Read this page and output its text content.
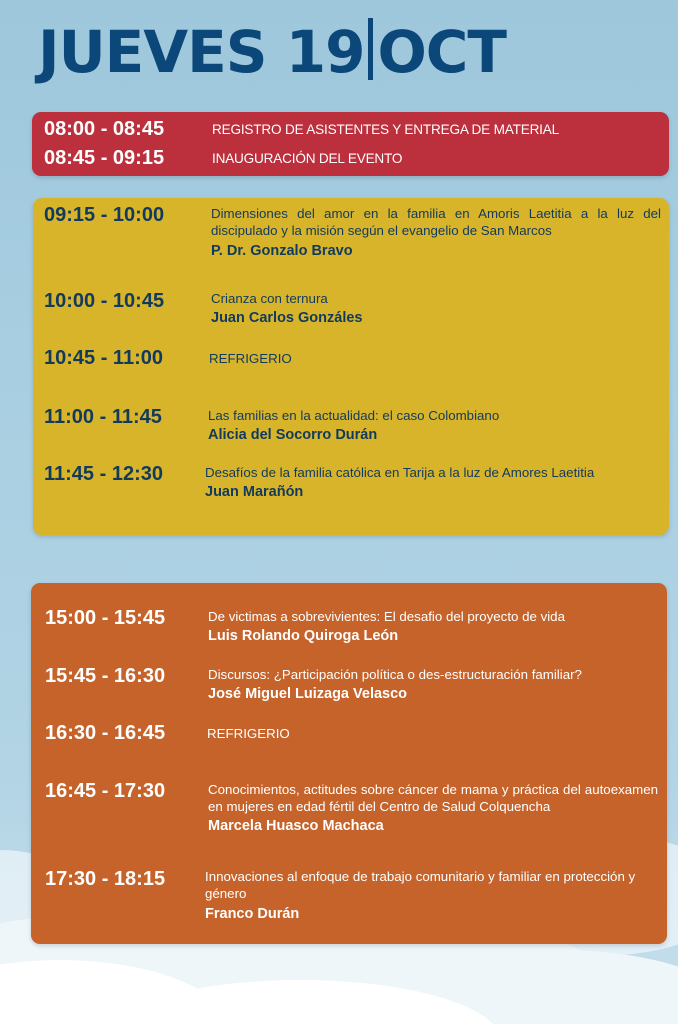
JUEVES 19 OCT
08:00 - 08:45	REGISTRO DE ASISTENTES Y ENTREGA DE MATERIAL
08:45 - 09:15	INAUGURACIÓN DEL EVENTO
09:15 - 10:00	Dimensiones del amor en la familia en Amoris Laetitia a la luz del discipulado y la misión según el evangelio de San Marcos
P. Dr. Gonzalo Bravo
10:00 - 10:45	Crianza con ternura
Juan Carlos Gonzáles
10:45 - 11:00	REFRIGERIO
11:00 - 11:45	Las familias en la actualidad: el caso Colombiano
Alicia del Socorro Durán
11:45 - 12:30	Desafíos de la familia católica en Tarija a la luz de Amores Laetitia
Juan Marañón
15:00 - 15:45	De victimas a sobrevivientes: El desafio del proyecto de vida
Luis Rolando Quiroga León
15:45 - 16:30	Discursos: ¿Participación política o des-estructuración familiar?
José Miguel Luizaga Velasco
16:30 - 16:45	REFRIGERIO
16:45 - 17:30	Conocimientos, actitudes sobre cáncer de mama y práctica del autoexamen en mujeres en edad fértil del Centro de Salud Colquencha
Marcela Huasco Machaca
17:30 - 18:15	Innovaciones al enfoque de trabajo comunitario y familiar en protección y género
Franco Durán
